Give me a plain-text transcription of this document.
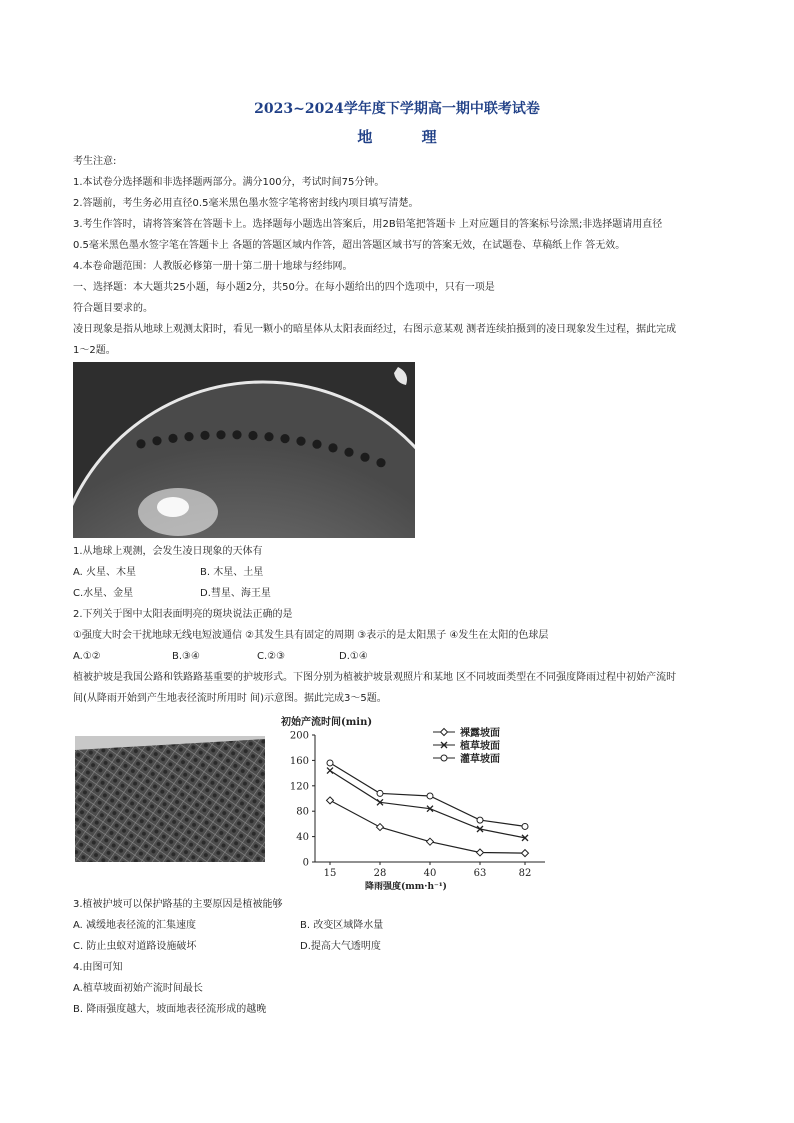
2023~2024学年度下学期高一期中联考试卷
地 理
考生注意:
1.本试卷分选择题和非选择题两部分。满分100分，考试时间75分钟。
2.答题前，考生务必用直径0.5毫米黑色墨水签字笔将密封线内项目填写清楚。
3.考生作答时，请将答案答在答题卡上。选择题每小题选出答案后，用2B铅笔把答题卡 上对应题目的答案标号涂黑;非选择题请用直径
0.5毫米黑色墨水签字笔在答题卡上 各题的答题区域内作答，超出答题区域书写的答案无效，在试题卷、草稿纸上作 答无效。
4.本卷命题范围：人教版必修第一册十第二册十地球与经纬网。
一、选择题：本大题共25小题，每小题2分，共50分。在每小题给出的四个选项中，只有一项是
符合题目要求的。
凌日现象是指从地球上观测太阳时，看见一颗小的暗星体从太阳表面经过，右图示意某观 测者连续拍摄到的凌日现象发生过程，据此完成
1～2题。
1.从地球上观测，会发生凌日现象的天体有
A. 火星、木星	B. 木星、土星
C.水星、金星	D.彗星、海王星
2.下列关于图中太阳表面明亮的斑块说法正确的是
①强度大时会干扰地球无线电短波通信 ②其发生具有固定的周期 ③表示的是太阳黑子 ④发生在太阳的色球层
A.①②	B.③④	C.②③	D.①④
植被护坡是我国公路和铁路路基重要的护坡形式。下图分别为植被护坡景观照片和某地 区不同坡面类型在不同强度降雨过程中初始产流时
间(从降雨开始到产生地表径流时所用时 间)示意图。据此完成3～5题。
初始产流时间(min)
降雨强度(mm·h⁻¹)
0
40
80
120
160
200
15	28	40	63	82
裸露坡面
植草坡面
灌草坡面
3.植被护坡可以保护路基的主要原因是植被能够
A. 减缓地表径流的汇集速度	B. 改变区域降水量
C. 防止虫蚁对道路设施破坏	D.提高大气透明度
4.由图可知
A.植草坡面初始产流时间最长
B. 降雨强度越大，坡面地表径流形成的越晚
